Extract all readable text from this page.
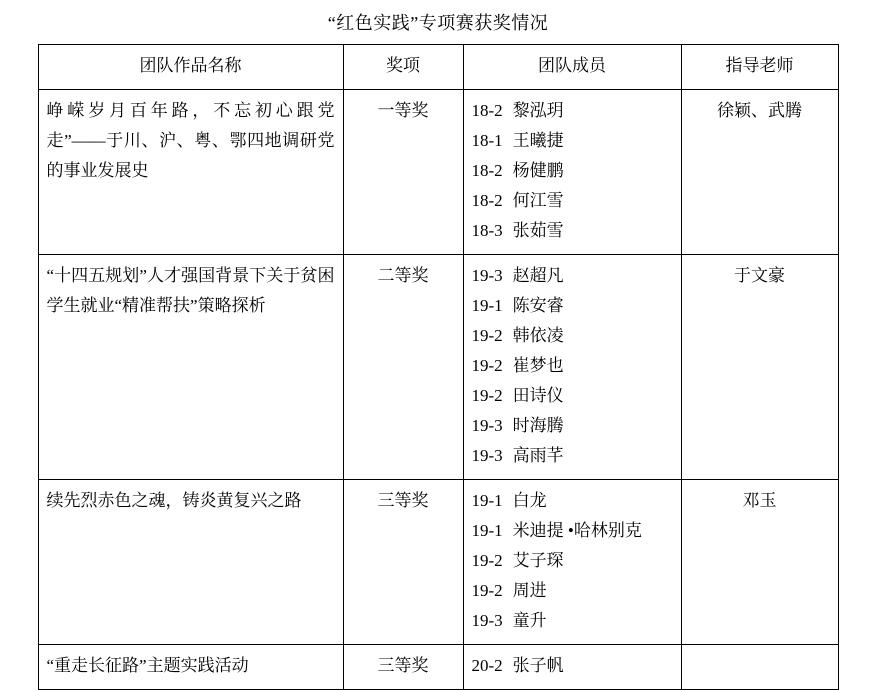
“红色实践”专项赛获奖情况
团队作品名称	奖项	团队成员	指导老师

峥嵘岁月百年路，不忘初心跟党走”——于川、沪、粤、鄂四地调研党的事业发展史	一等奖	18-2 黎泓玥
18-1 王曦捷
18-2 杨健鹏
18-2 何江雪
18-3 张茹雪	徐颖、武腾

“十四五规划”人才强国背景下关于贫困学生就业“精准帮扶”策略探析
	二等奖	19-3 赵超凡
19-1 陈安睿
19-2 韩依凌
19-2 崔梦也
19-2 田诗仪
19-3 时海腾
19-3 高雨芊
	于文豪

续先烈赤色之魂，铸炎黄复兴之路	三等奖	19-1 白龙
19-1 米迪提 •哈林别克
19-2 艾子琛
19-2 周进
19-3 童升	邓玉

“重走长征路”主题实践活动	三等奖	20-2 张子帆	
